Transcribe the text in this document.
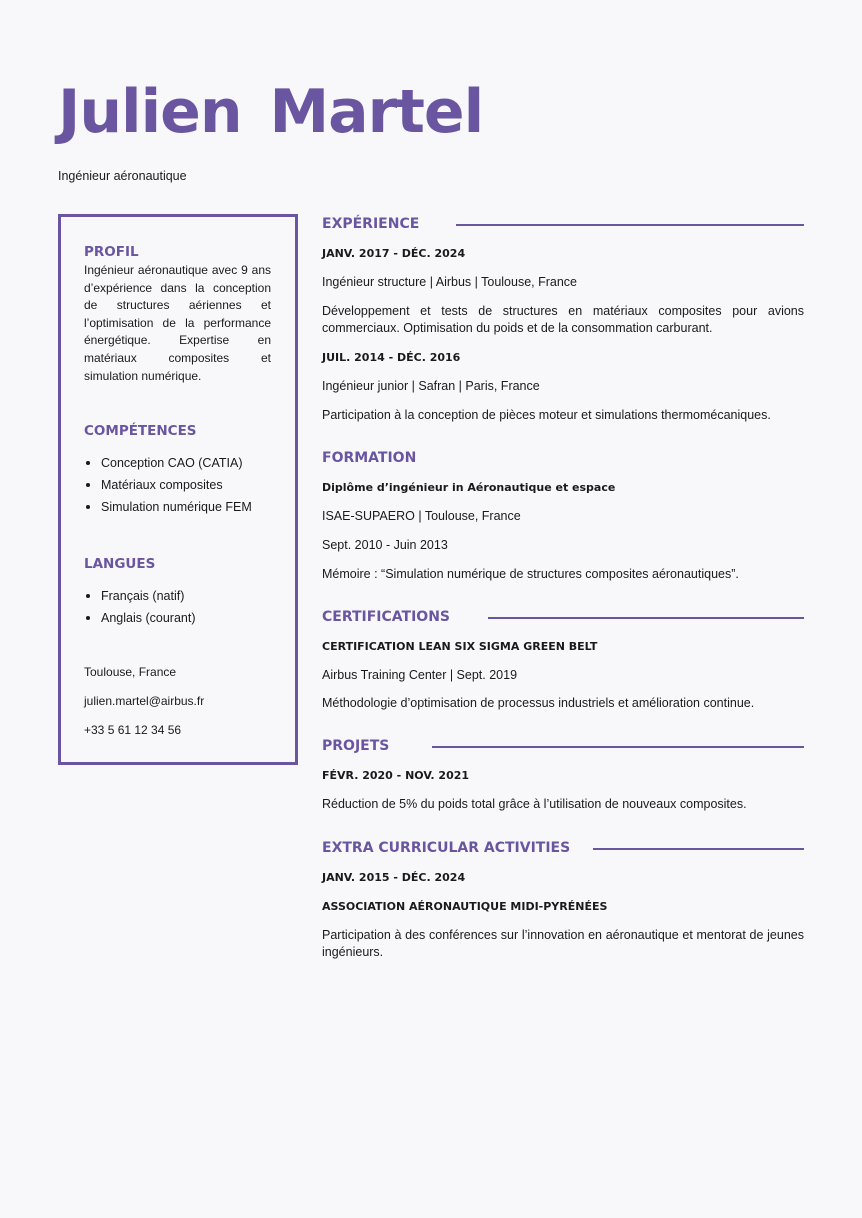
Julien Martel

Ingénieur aéronautique

PROFIL

Ingénieur aéronautique avec 9 ans d’expérience dans la conception de structures aériennes et l’optimisation de la performance énergétique. Expertise en matériaux composites et simulation numérique.

COMPÉTENCES
Conception CAO (CATIA)
Matériaux composites
Simulation numérique FEM
LANGUES
Français (natif)
Anglais (courant)

Toulouse, France

julien.martel@airbus.fr

+33 5 61 12 34 56

EXPÉRIENCE

JANV. 2017 - DÉC. 2024

Ingénieur structure | Airbus | Toulouse, France

Développement et tests de structures en matériaux composites pour avions commerciaux. Optimisation du poids et de la consommation carburant.

JUIL. 2014 - DÉC. 2016

Ingénieur junior | Safran | Paris, France

Participation à la conception de pièces moteur et simulations thermomécaniques.

FORMATION

Diplôme d’ingénieur in Aéronautique et espace

ISAE-SUPAERO | Toulouse, France

Sept. 2010 - Juin 2013

Mémoire : “Simulation numérique de structures composites aéronautiques”.

CERTIFICATIONS

CERTIFICATION LEAN SIX SIGMA GREEN BELT

Airbus Training Center | Sept. 2019

Méthodologie d’optimisation de processus industriels et amélioration continue.

PROJETS

FÉVR. 2020 - NOV. 2021

Réduction de 5% du poids total grâce à l’utilisation de nouveaux composites.

EXTRA CURRICULAR ACTIVITIES

JANV. 2015 - DÉC. 2024

ASSOCIATION AÉRONAUTIQUE MIDI-PYRÉNÉES

Participation à des conférences sur l’innovation en aéronautique et mentorat de jeunes ingénieurs.
